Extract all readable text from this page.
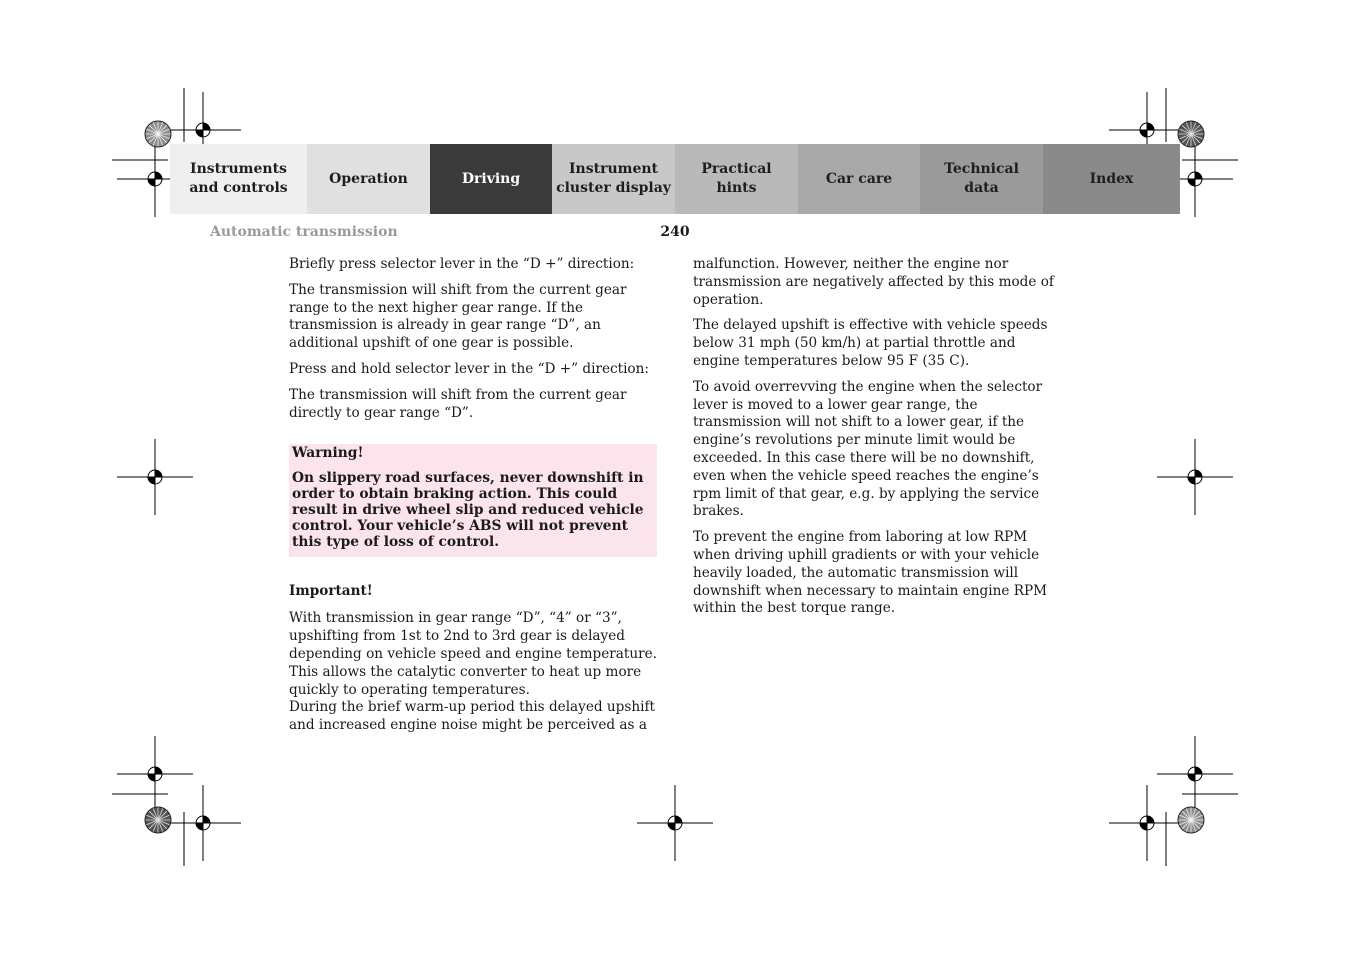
Instruments
and controls
Operation	Driving
Instrument
cluster display
Practical hints
Car care
Technical
data
Index
Automatic transmission	240

Briefly press selector lever in the “D +” direction:

The transmission will shift from the current gear range to the next higher gear range. If the transmission is already in gear range “D”, an additional upshift of one gear is possible.

Press and hold selector lever in the “D +” direction:

The transmission will shift from the current gear directly to gear range “D”.

Warning!

On slippery road surfaces, never downshift in order to obtain braking action. This could result in drive wheel slip and reduced vehicle control. Your vehicle’s ABS will not prevent this type of loss of control.

Important!

With transmission in gear range “D”, “4” or “3”, upshifting from 1st to 2nd to 3rd gear is delayed depending on vehicle speed and engine temperature. This allows the catalytic converter to heat up more quickly to operating temperatures.

During the brief warm-up period this delayed upshift and increased engine noise might be perceived as a

malfunction. However, neither the engine nor transmission are negatively affected by this mode of operation.

The delayed upshift is effective with vehicle speeds below 31 mph (50 km/h) at partial throttle and engine temperatures below 95 F (35 C).

To avoid overrevving the engine when the selector lever is moved to a lower gear range, the transmission will not shift to a lower gear, if the engine’s revolutions per minute limit would be exceeded. In this case there will be no downshift, even when the vehicle speed reaches the engine’s rpm limit of that gear, e.g. by applying the service brakes.

To prevent the engine from laboring at low RPM when driving uphill gradients or with your vehicle heavily loaded, the automatic transmission will downshift when necessary to maintain engine RPM within the best torque range.
